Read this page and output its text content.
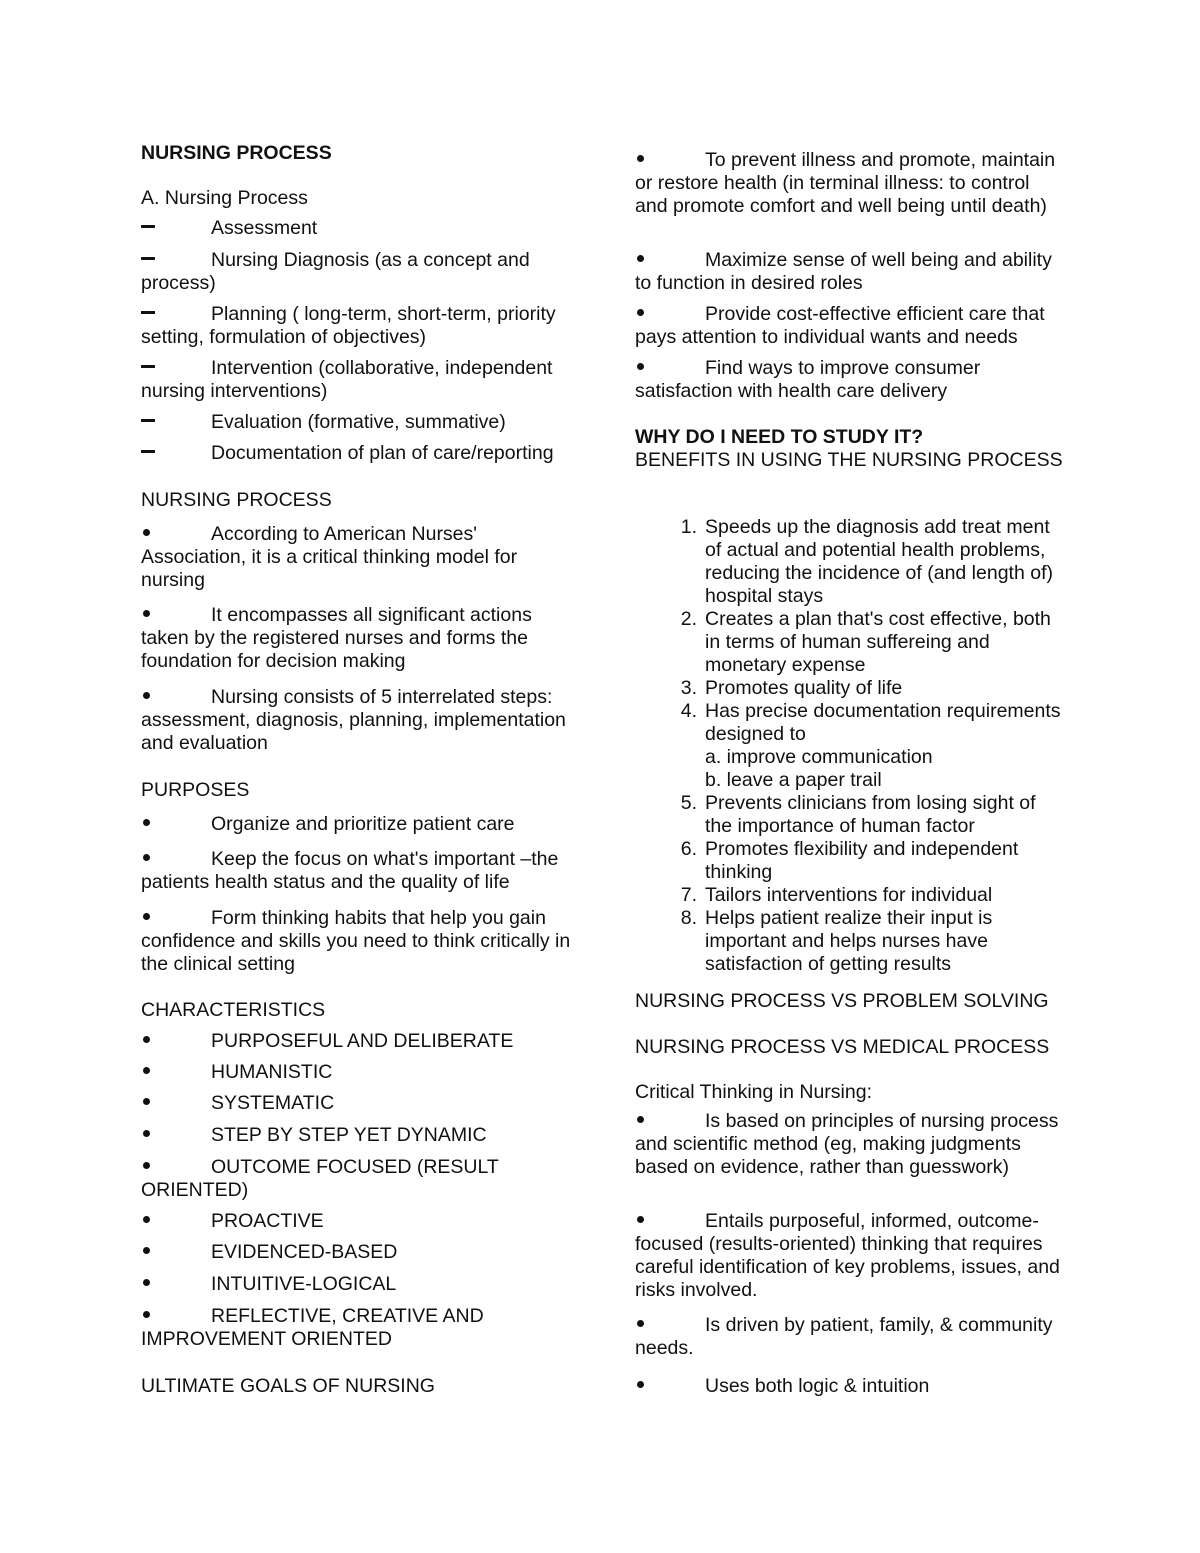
NURSING PROCESS
A. Nursing Process
Assessment
Nursing Diagnosis (as a concept and process)
Planning ( long-term, short-term, priority setting, formulation of objectives)
Intervention (collaborative, independent nursing interventions)
Evaluation (formative, summative)
Documentation of plan of care/reporting
NURSING PROCESS
According to American Nurses' Association, it is a critical thinking model for nursing
It encompasses all significant actions taken by the registered nurses and forms the foundation for decision making
Nursing consists of 5 interrelated steps: assessment, diagnosis, planning, implementation and evaluation
PURPOSES
Organize and prioritize patient care
Keep the focus on what's important –the patients health status and the quality of life
Form thinking habits that help you gain confidence and skills you need to think critically in the clinical setting
CHARACTERISTICS
PURPOSEFUL AND DELIBERATE
HUMANISTIC
SYSTEMATIC
STEP BY STEP YET DYNAMIC
OUTCOME FOCUSED (RESULT ORIENTED)
PROACTIVE
EVIDENCED-BASED
INTUITIVE-LOGICAL
REFLECTIVE, CREATIVE AND IMPROVEMENT ORIENTED
ULTIMATE GOALS OF NURSING
To prevent illness and promote, maintain or restore health (in terminal illness: to control and promote comfort and well being until death)
Maximize sense of well being and ability to function in desired roles
Provide cost-effective efficient care that pays attention to individual wants and needs
Find ways to improve consumer satisfaction with health care delivery
WHY DO I NEED TO STUDY IT?
BENEFITS IN USING THE NURSING PROCESS
1. Speeds up the diagnosis add treat ment of actual and potential health problems, reducing the incidence of (and length of) hospital stays
2. Creates a plan that's cost effective, both in terms of human suffereing and monetary expense
3. Promotes quality of life
4. Has precise documentation requirements designed to
a. improve communication
b. leave a paper trail
5. Prevents clinicians from losing sight of the importance of human factor
6. Promotes flexibility and independent thinking
7. Tailors interventions for individual
8. Helps patient realize their input is important and helps nurses have satisfaction of getting results
NURSING PROCESS VS PROBLEM SOLVING
NURSING PROCESS VS MEDICAL PROCESS
Critical Thinking in Nursing:
Is based on principles of nursing process and scientific method (eg, making judgments based on evidence, rather than guesswork)
Entails purposeful, informed, outcome-focused (results-oriented) thinking that requires careful identification of key problems, issues, and risks involved.
Is driven by patient, family, & community needs.
Uses both logic & intuition
